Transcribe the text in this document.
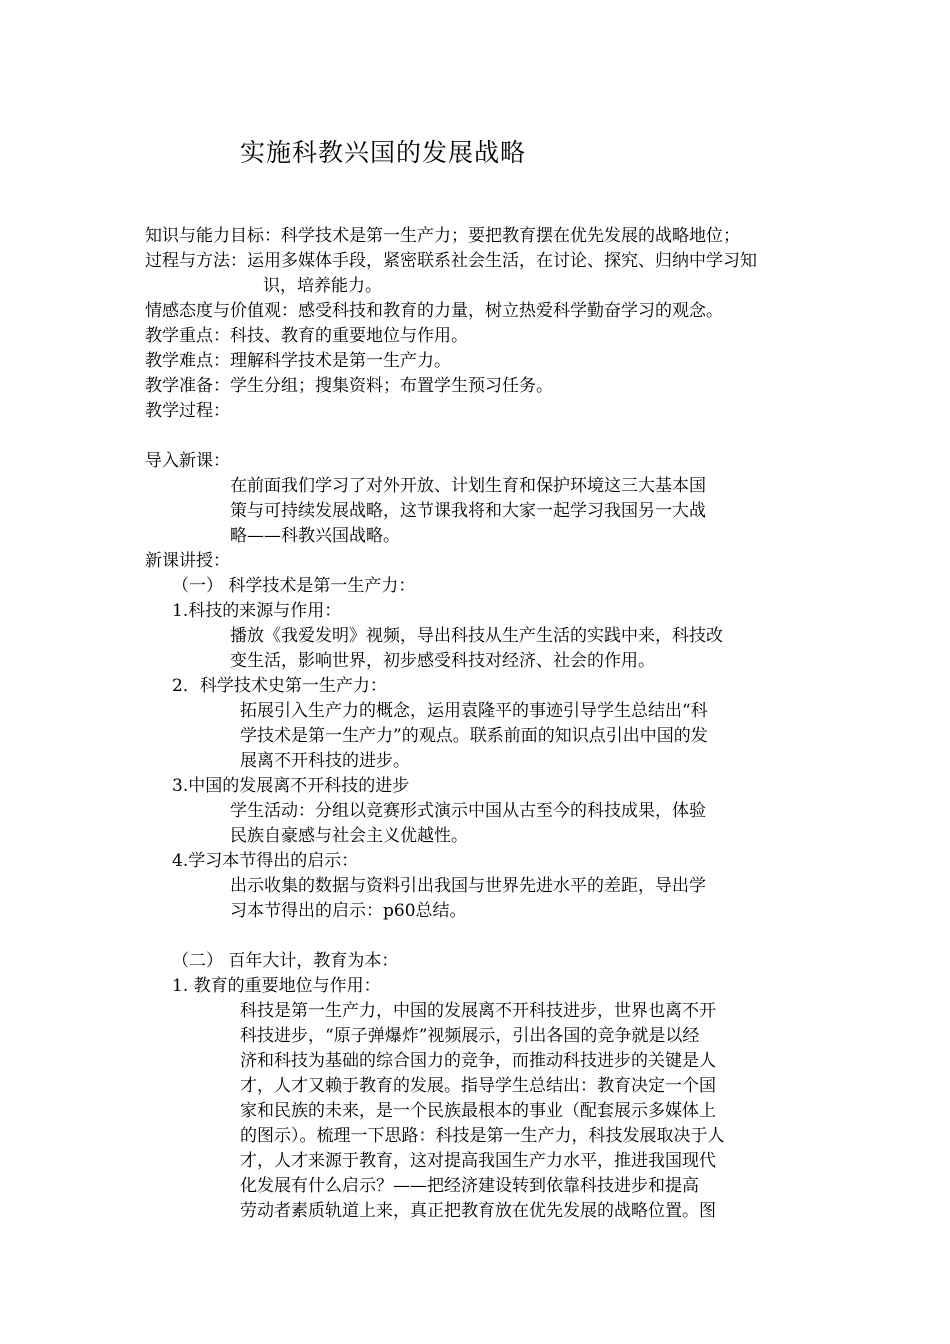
实施科教兴国的发展战略
知识与能力目标：科学技术是第一生产力；要把教育摆在优先发展的战略地位；
过程与方法：运用多媒体手段，紧密联系社会生活，在讨论、探究、归纳中学习知
识，培养能力。
情感态度与价值观：感受科技和教育的力量，树立热爱科学勤奋学习的观念。
教学重点：科技、教育的重要地位与作用。
教学难点：理解科学技术是第一生产力。
教学准备：学生分组；搜集资料；布置学生预习任务。
教学过程：
导入新课：
在前面我们学习了对外开放、计划生育和保护环境这三大基本国
策与可持续发展战略，这节课我将和大家一起学习我国另一大战
略——科教兴国战略。
新课讲授：
（一） 科学技术是第一生产力：
1.科技的来源与作用：
播放《我爱发明》视频，导出科技从生产生活的实践中来，科技改
变生活，影响世界，初步感受科技对经济、社会的作用。
2．科学技术史第一生产力：
拓展引入生产力的概念，运用袁隆平的事迹引导学生总结出“科
学技术是第一生产力”的观点。联系前面的知识点引出中国的发
展离不开科技的进步。
3.中国的发展离不开科技的进步
学生活动：分组以竞赛形式演示中国从古至今的科技成果，体验
民族自豪感与社会主义优越性。
4.学习本节得出的启示：
出示收集的数据与资料引出我国与世界先进水平的差距，导出学
习本节得出的启示：p60总结。
（二） 百年大计，教育为本：
1. 教育的重要地位与作用：
科技是第一生产力，中国的发展离不开科技进步，世界也离不开
科技进步，“原子弹爆炸”视频展示，引出各国的竞争就是以经
济和科技为基础的综合国力的竞争，而推动科技进步的关键是人
才，人才又赖于教育的发展。指导学生总结出：教育决定一个国
家和民族的未来，是一个民族最根本的事业（配套展示多媒体上
的图示）。梳理一下思路：科技是第一生产力，科技发展取决于人
才，人才来源于教育，这对提高我国生产力水平，推进我国现代
化发展有什么启示？——把经济建设转到依靠科技进步和提高
劳动者素质轨道上来，真正把教育放在优先发展的战略位置。图
